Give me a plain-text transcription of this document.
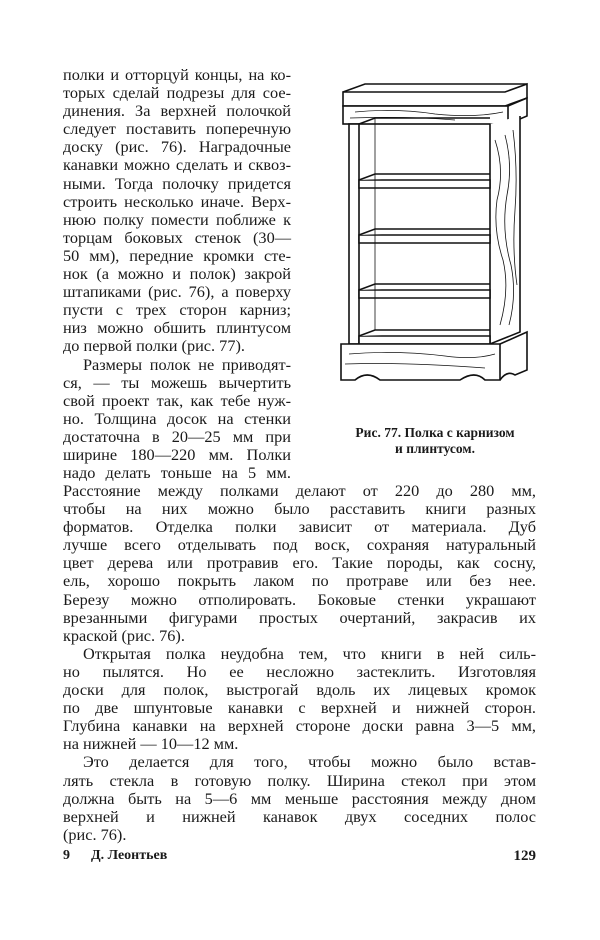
полки и отторцуй концы, на ко-
торых сделай подрезы для сое-
динения. За верхней полочкой
следует поставить поперечную
доску (рис. 76). Наградочные
канавки можно сделать и сквоз-
ными. Тогда полочку придется
строить несколько иначе. Верх-
нюю полку помести поближе к
торцам боковых стенок (30—
50 мм), передние кромки сте-
нок (а можно и полок) закрой
штапиками (рис. 76), а поверху
пусти с трех сторон карниз;
низ можно обшить плинтусом
до первой полки (рис. 77).
Размеры полок не приводят-
ся, — ты можешь вычертить
свой проект так, как тебе нуж-
но. Толщина досок на стенки
достаточна в 20—25 мм при
ширине 180—220 мм. Полки
надо делать тоньше на 5 мм.
Расстояние между полками делают от 220 до 280 мм,
чтобы на них можно было расставить книги разных
форматов. Отделка полки зависит от материала. Дуб
лучше всего отделывать под воск, сохраняя натуральный
цвет дерева или протравив его. Такие породы, как сосну,
ель, хорошо покрыть лаком по протраве или без нее.
Березу можно отполировать. Боковые стенки украшают
врезанными фигурами простых очертаний, закрасив их
краской (рис. 76).
Открытая полка неудобна тем, что книги в ней силь-
но пылятся. Но ее несложно застеклить. Изготовляя
доски для полок, выстрогай вдоль их лицевых кромок
по две шпунтовые канавки с верхней и нижней сторон.
Глубина канавки на верхней стороне доски равна 3—5 мм,
на нижней — 10—12 мм.
Это делается для того, чтобы можно было встав-
лять стекла в готовую полку. Ширина стекол при этом
должна быть на 5—6 мм меньше расстояния между дном
верхней и нижней канавок двух соседних полос
(рис. 76).
Рис. 77. Полка с карнизом
и плинтусом.
9 Д. Леонтьев	129
